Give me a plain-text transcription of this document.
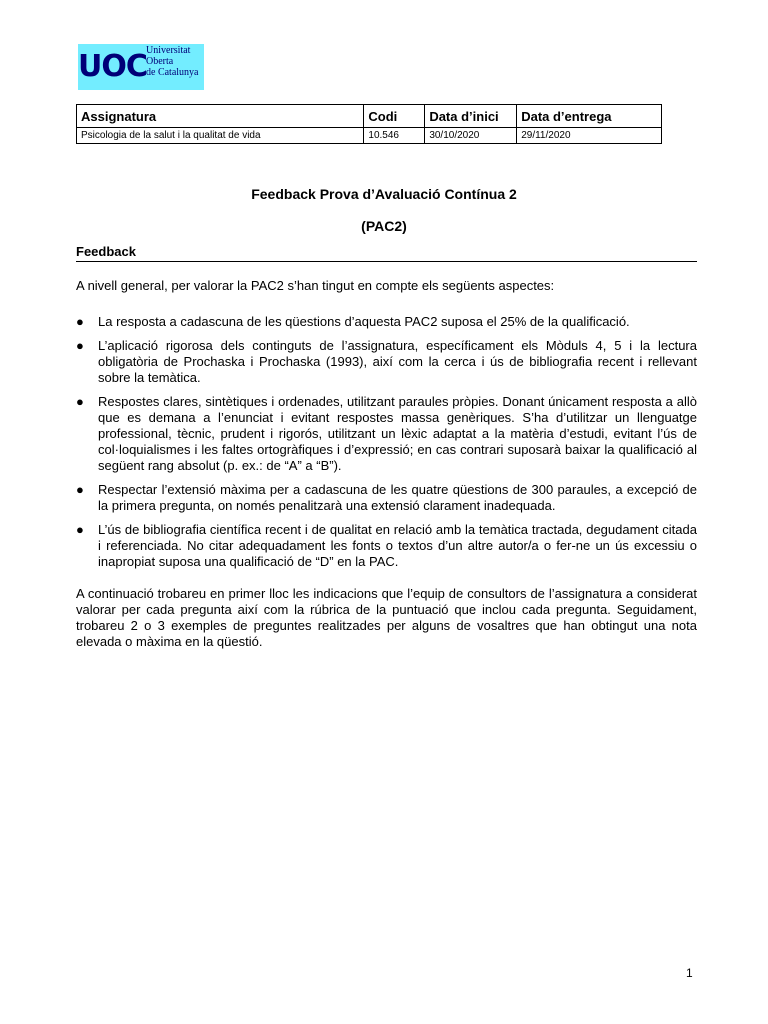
UOC Universitat
Oberta
de Catalunya
Assignatura	Codi	Data d’inici	Data d’entrega
Psicologia de la salut i la qualitat de vida	10.546	30/10/2020	29/11/2020
Feedback Prova d’Avaluació Contínua 2
(PAC2)
Feedback
A nivell general, per valorar la PAC2 s’han tingut en compte els següents aspectes:
● La resposta a cadascuna de les qüestions d’aquesta PAC2 suposa el 25% de la qualificació.
● L’aplicació rigorosa dels continguts de l’assignatura, específicament els Mòduls 4, 5 i la lectura obligatòria de Prochaska i Prochaska (1993), així com la cerca i ús de bibliografia recent i rellevant sobre la temàtica.
● Respostes clares, sintètiques i ordenades, utilitzant paraules pròpies. Donant únicament resposta a allò que es demana a l’enunciat i evitant respostes massa genèriques. S’ha d’utilitzar un llenguatge professional, tècnic, prudent i rigorós, utilitzant un lèxic adaptat a la matèria d’estudi, evitant l’ús de col·loquialismes i les faltes ortogràfiques i d’expressió; en cas contrari suposarà baixar la qualificació al següent rang absolut (p. ex.: de “A” a “B”).
● Respectar l’extensió màxima per a cadascuna de les quatre qüestions de 300 paraules, a excepció de la primera pregunta, on només penalitzarà una extensió clarament inadequada.
● L’ús de bibliografia científica recent i de qualitat en relació amb la temàtica tractada, degudament citada i referenciada. No citar adequadament les fonts o textos d’un altre autor/a o fer-ne un ús excessiu o inapropiat suposa una qualificació de “D” en la PAC.
A continuació trobareu en primer lloc les indicacions que l’equip de consultors de l’assignatura a considerat valorar per cada pregunta així com la rúbrica de la puntuació que inclou cada pregunta. Seguidament, trobareu 2 o 3 exemples de preguntes realitzades per alguns de vosaltres que han obtingut una nota elevada o màxima en la qüestió.
1
